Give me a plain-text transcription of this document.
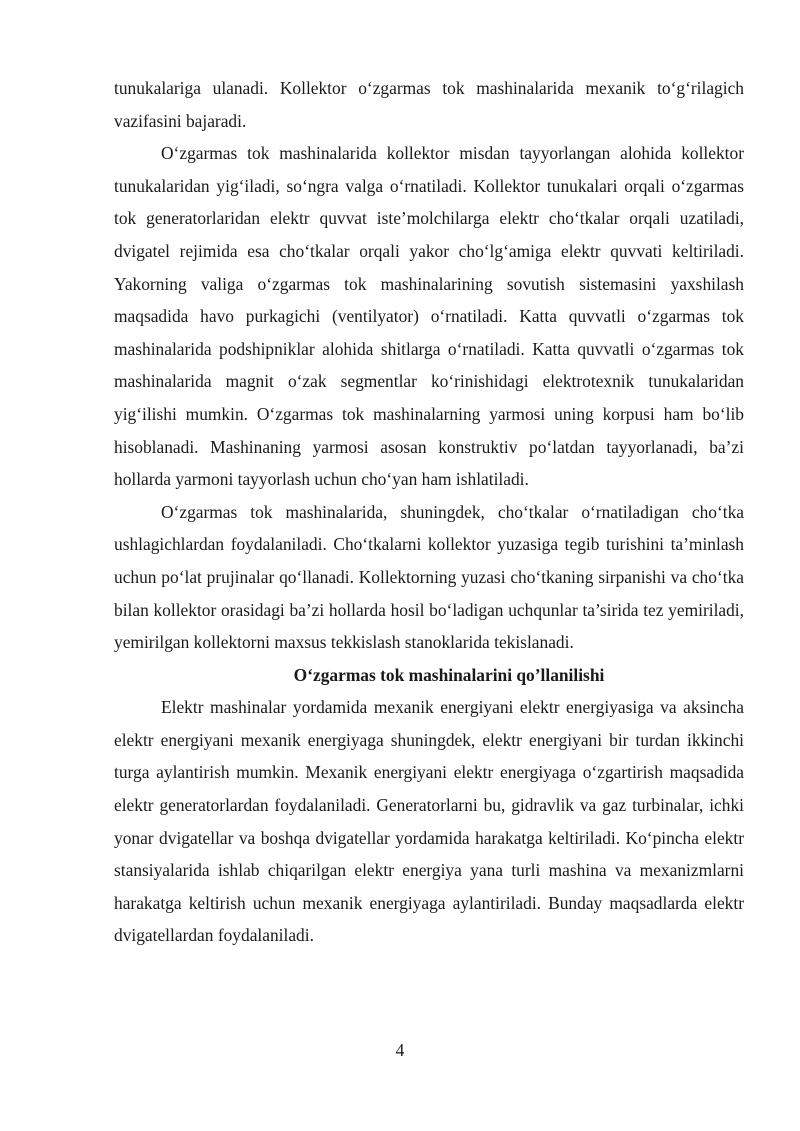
tunukalariga ulanadi. Kollektor o‘zgarmas tok mashinalarida mexanik to‘g‘rilagich vazifasini bajaradi.

O‘zgarmas tok mashinalarida kollektor misdan tayyorlangan alohida kollektor tunukalaridan yig‘iladi, so‘ngra valga o‘rnatiladi. Kollektor tunukalari orqali o‘zgarmas tok generatorlaridan elektr quvvat iste’molchilarga elektr cho‘tkalar orqali uzatiladi, dvigatel rejimida esa cho‘tkalar orqali yakor cho‘lg‘amiga elektr quvvati keltiriladi. Yakorning valiga o‘zgarmas tok mashinalarining sovutish sistemasini yaxshilash maqsadida havo purkagichi (ventilyator) o‘rnatiladi. Katta quvvatli o‘zgarmas tok mashinalarida podshipniklar alohida shitlarga o‘rnatiladi. Katta quvvatli o‘zgarmas tok mashinalarida magnit o‘zak segmentlar ko‘rinishidagi elektrotexnik tunukalaridan yig‘ilishi mumkin. O‘zgarmas tok mashinalarning yarmosi uning korpusi ham bo‘lib hisoblanadi. Mashinaning yarmosi asosan konstruktiv po‘latdan tayyorlanadi, ba’zi hollarda yarmoni tayyorlash uchun cho‘yan ham ishlatiladi.

O‘zgarmas tok mashinalarida, shuningdek, cho‘tkalar o‘rnatiladigan cho‘tka ushlagichlardan foydalaniladi. Cho‘tkalarni kollektor yuzasiga tegib turishini ta’minlash uchun po‘lat prujinalar qo‘llanadi. Kollektorning yuzasi cho‘tkaning sirpanishi va cho‘tka bilan kollektor orasidagi ba’zi hollarda hosil bo‘ladigan uchqunlar ta’sirida tez yemiriladi, yemirilgan kollektorni maxsus tekkislash stanoklarida tekislanadi.

O‘zgarmas tok mashinalarini qo’llanilishi

Elektr mashinalar yordamida mexanik energiyani elektr energiyasiga va aksincha elektr energiyani mexanik energiyaga shuningdek, elektr energiyani bir turdan ikkinchi turga aylantirish mumkin. Mexanik energiyani elektr energiyaga o‘zgartirish maqsadida elektr generatorlardan foydalaniladi. Generatorlarni bu, gidravlik va gaz turbinalar, ichki yonar dvigatellar va boshqa dvigatellar yordamida harakatga keltiriladi. Ko‘pincha elektr stansiyalarida ishlab chiqarilgan elektr energiya yana turli mashina va mexanizmlarni harakatga keltirish uchun mexanik energiyaga aylantiriladi. Bunday maqsadlarda elektr dvigatellardan foydalaniladi.

4
